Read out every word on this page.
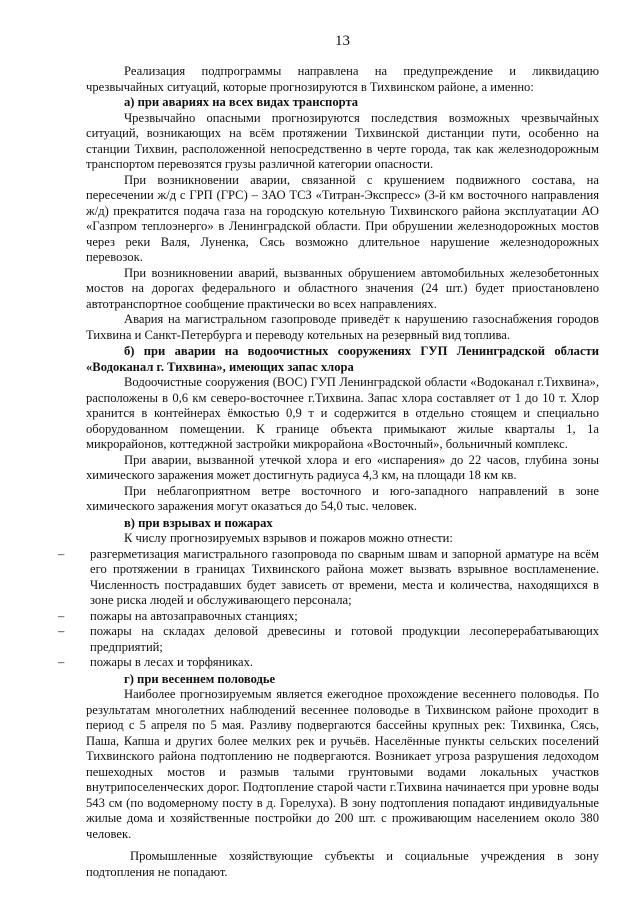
13

Реализация подпрограммы направлена на предупреждение и ликвидацию чрезвычайных ситуаций, которые прогнозируются в Тихвинском районе, а именно:

а) при авариях на всех видах транспорта

Чрезвычайно опасными прогнозируются последствия возможных чрезвычайных ситуаций, возникающих на всём протяжении Тихвинской дистанции пути, особенно на станции Тихвин, расположенной непосредственно в черте города, так как железнодорожным транспортом перевозятся грузы различной категории опасности.

При возникновении аварии, связанной с крушением подвижного состава, на пересечении ж/д с ГРП (ГРС) – ЗАО ТСЗ «Титран-Экспресс» (3-й км восточного направления ж/д) прекратится подача газа на городскую котельную Тихвинского района эксплуатации АО «Газпром теплоэнерго» в Ленинградской области. При обрушении железнодорожных мостов через реки Валя, Луненка, Сясь возможно длительное нарушение железнодорожных перевозок.

При возникновении аварий, вызванных обрушением автомобильных железобетонных мостов на дорогах федерального и областного значения (24 шт.) будет приостановлено автотранспортное сообщение практически во всех направлениях.

Авария на магистральном газопроводе приведёт к нарушению газоснабжения городов Тихвина и Санкт-Петербурга и переводу котельных на резервный вид топлива.

б) при аварии на водоочистных сооружениях ГУП Ленинградской области «Водоканал г. Тихвина», имеющих запас хлора

Водоочистные сооружения (ВОС) ГУП Ленинградской области «Водоканал г.Тихвина», расположены в 0,6 км северо-восточнее г.Тихвина. Запас хлора составляет от 1 до 10 т. Хлор хранится в контейнерах ёмкостью 0,9 т и содержится в отдельно стоящем и специально оборудованном помещении. К границе объекта примыкают жилые кварталы 1, 1а микрорайонов, коттеджной застройки микрорайона «Восточный», больничный комплекс.

При аварии, вызванной утечкой хлора и его «испарения» до 22 часов, глубина зоны химического заражения может достигнуть радиуса 4,3 км, на площади 18 км кв.

При неблагоприятном ветре восточного и юго-западного направлений в зоне химического заражения могут оказаться до 54,0 тыс. человек.

в) при взрывах и пожарах

К числу прогнозируемых взрывов и пожаров можно отнести:

– разгерметизация магистрального газопровода по сварным швам и запорной арматуре на всём его протяжении в границах Тихвинского района может вызвать взрывное воспламенение. Численность пострадавших будет зависеть от времени, места и количества, находящихся в зоне риска людей и обслуживающего персонала;
– пожары на автозаправочных станциях;
– пожары на складах деловой древесины и готовой продукции лесоперерабатывающих предприятий;
– пожары в лесах и торфяниках.

г) при весеннем половодье

Наиболее прогнозируемым является ежегодное прохождение весеннего половодья. По результатам многолетних наблюдений весеннее половодье в Тихвинском районе проходит в период с 5 апреля по 5 мая. Разливу подвергаются бассейны крупных рек: Тихвинка, Сясь, Паша, Капша и других более мелких рек и ручьёв. Населённые пункты сельских поселений Тихвинского района подтоплению не подвергаются. Возникает угроза разрушения ледоходом пешеходных мостов и размыв талыми грунтовыми водами локальных участков внутрипоселенческих дорог. Подтопление старой части г.Тихвина начинается при уровне воды 543 см (по водомерному посту в д. Горелуха). В зону подтопления попадают индивидуальные жилые дома и хозяйственные постройки до 200 шт. с проживающим населением около 380 человек.

Промышленные хозяйствующие субъекты и социальные учреждения в зону подтопления не попадают.
